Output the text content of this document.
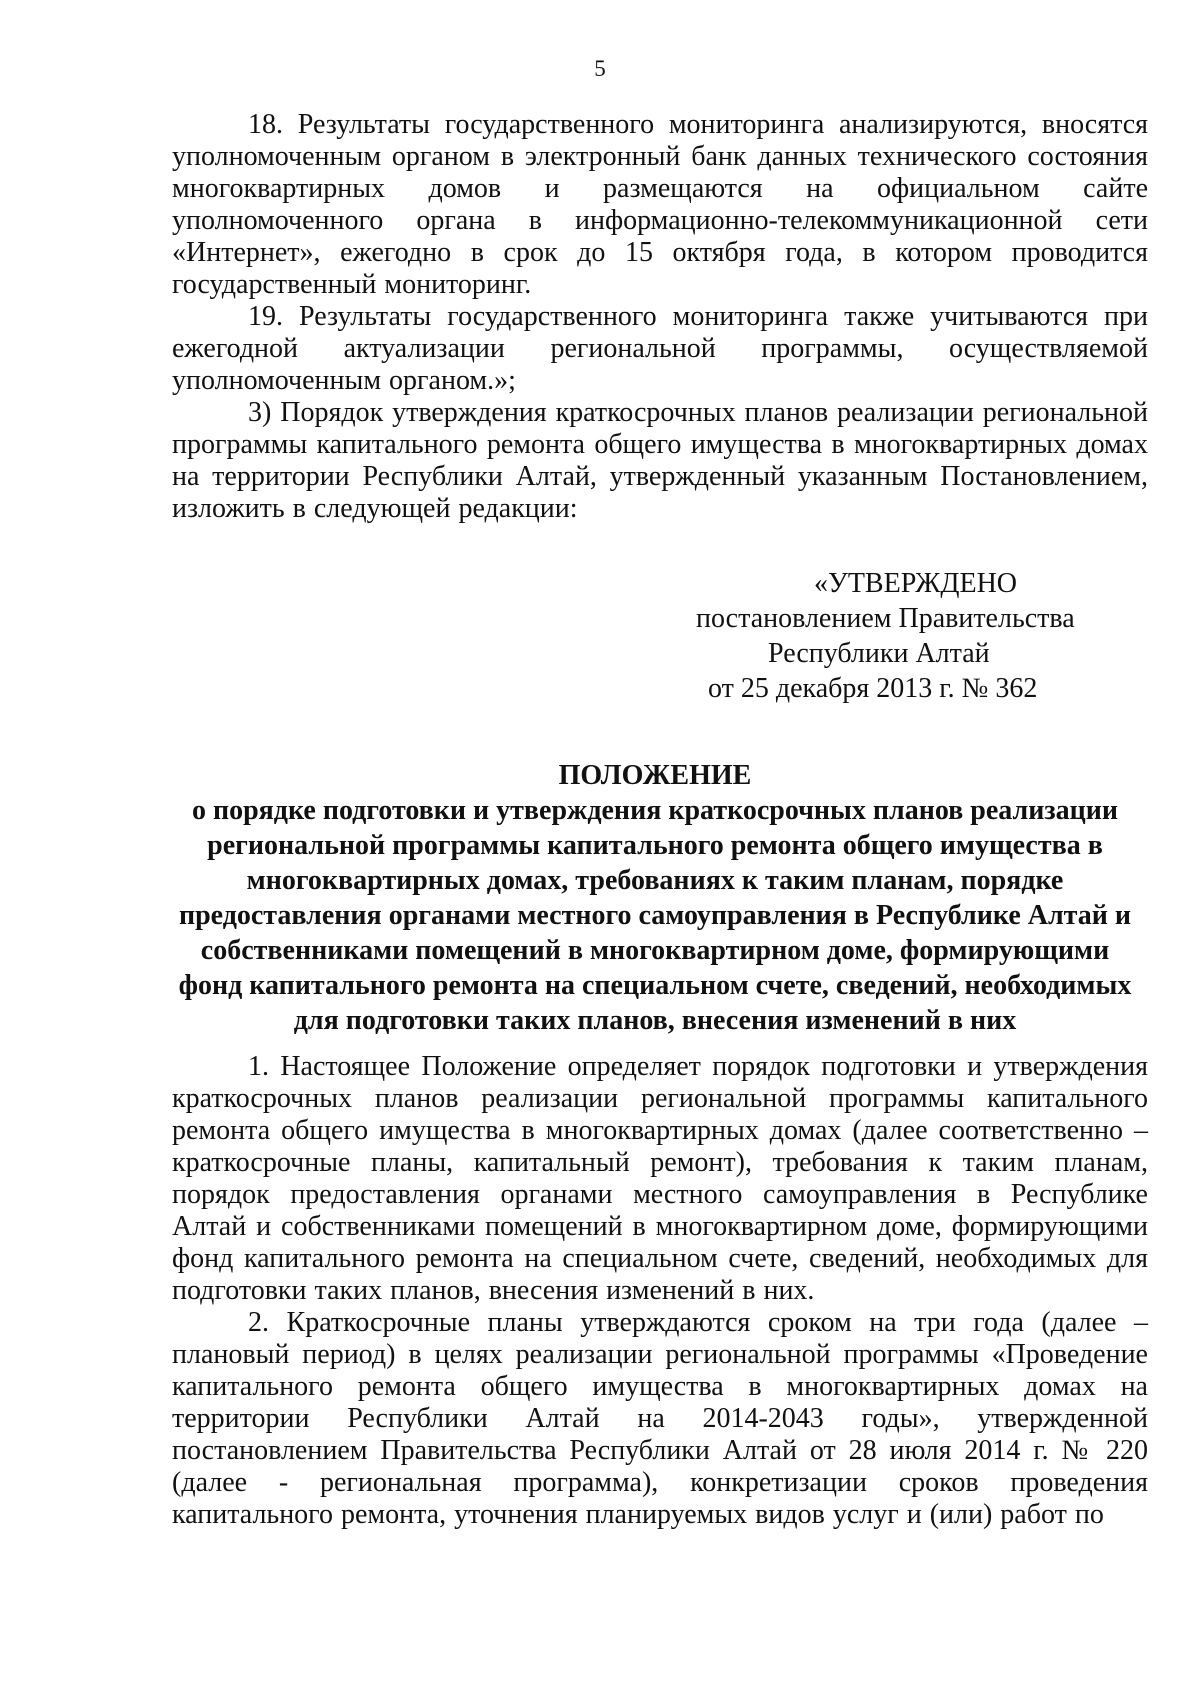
5

18. Результаты государственного мониторинга анализируются, вносятся уполномоченным органом в электронный банк данных технического состояния многоквартирных домов и размещаются на официальном сайте уполномоченного органа в информационно-телекоммуникационной сети «Интернет», ежегодно в срок до 15 октября года, в котором проводится государственный мониторинг.

19. Результаты государственного мониторинга также учитываются при ежегодной актуализации региональной программы, осуществляемой уполномоченным органом.»;

3) Порядок утверждения краткосрочных планов реализации региональной программы капитального ремонта общего имущества в многоквартирных домах на территории Республики Алтай, утвержденный указанным Постановлением, изложить в следующей редакции:

«УТВЕРЖДЕНО
постановлением Правительства
Республики Алтай
от 25 декабря 2013 г. № 362
ПОЛОЖЕНИЕ
о порядке подготовки и утверждения краткосрочных планов реализации
региональной программы капитального ремонта общего имущества в
многоквартирных домах, требованиях к таким планам, порядке
предоставления органами местного самоуправления в Республике Алтай и
собственниками помещений в многоквартирном доме, формирующими
фонд капитального ремонта на специальном счете, сведений, необходимых
для подготовки таких планов, внесения изменений в них

1. Настоящее Положение определяет порядок подготовки и утверждения краткосрочных планов реализации региональной программы капитального ремонта общего имущества в многоквартирных домах (далее соответственно – краткосрочные планы, капитальный ремонт), требования к таким планам, порядок предоставления органами местного самоуправления в Республике Алтай и собственниками помещений в многоквартирном доме, формирующими фонд капитального ремонта на специальном счете, сведений, необходимых для подготовки таких планов, внесения изменений в них.

2. Краткосрочные планы утверждаются сроком на три года (далее – плановый период) в целях реализации региональной программы «Проведение капитального ремонта общего имущества в многоквартирных домах на территории Республики Алтай на 2014-2043 годы», утвержденной постановлением Правительства Республики Алтай от 28 июля 2014 г. № 220 (далее - региональная программа), конкретизации сроков проведения капитального ремонта, уточнения планируемых видов услуг и (или) работ по
